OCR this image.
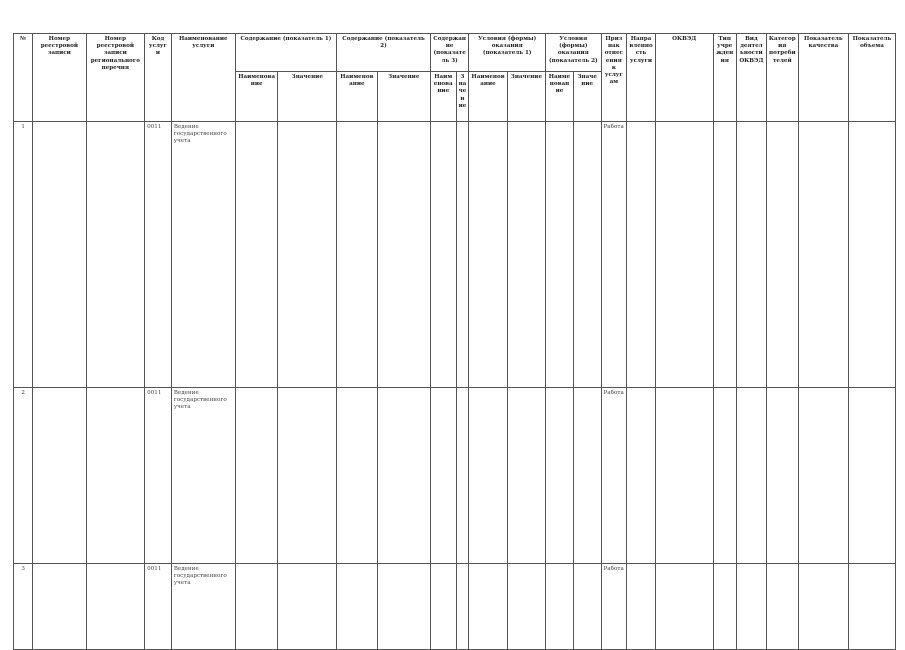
№	Номер реестровой записи	Номер реестровой записи регионального перечня	Код услуги	Наименование услуги	Содержание (показатель 1)		Содержание (показатель 2)		Содержание (показатель 3)		Условия (формы) оказания (показатель 1)		Условия (формы) оказания (показатель 2)		Признак отнесения к услугам	Направленность услуги	ОКВЭД	Тип учреждения	Вид деятельности ОКВЭД	Категория потребителей	Показатель качества	Показатель объема
					Наименование	Значение	Наименование	Значение	Наименование	Значение	Наименование	Значение	Наименование	Значение								
1			0011	Ведение государственного учета											Работа							
2			0011	Ведение государственного учета											Работа							
3			0011	Ведение государственного учета											Работа							
